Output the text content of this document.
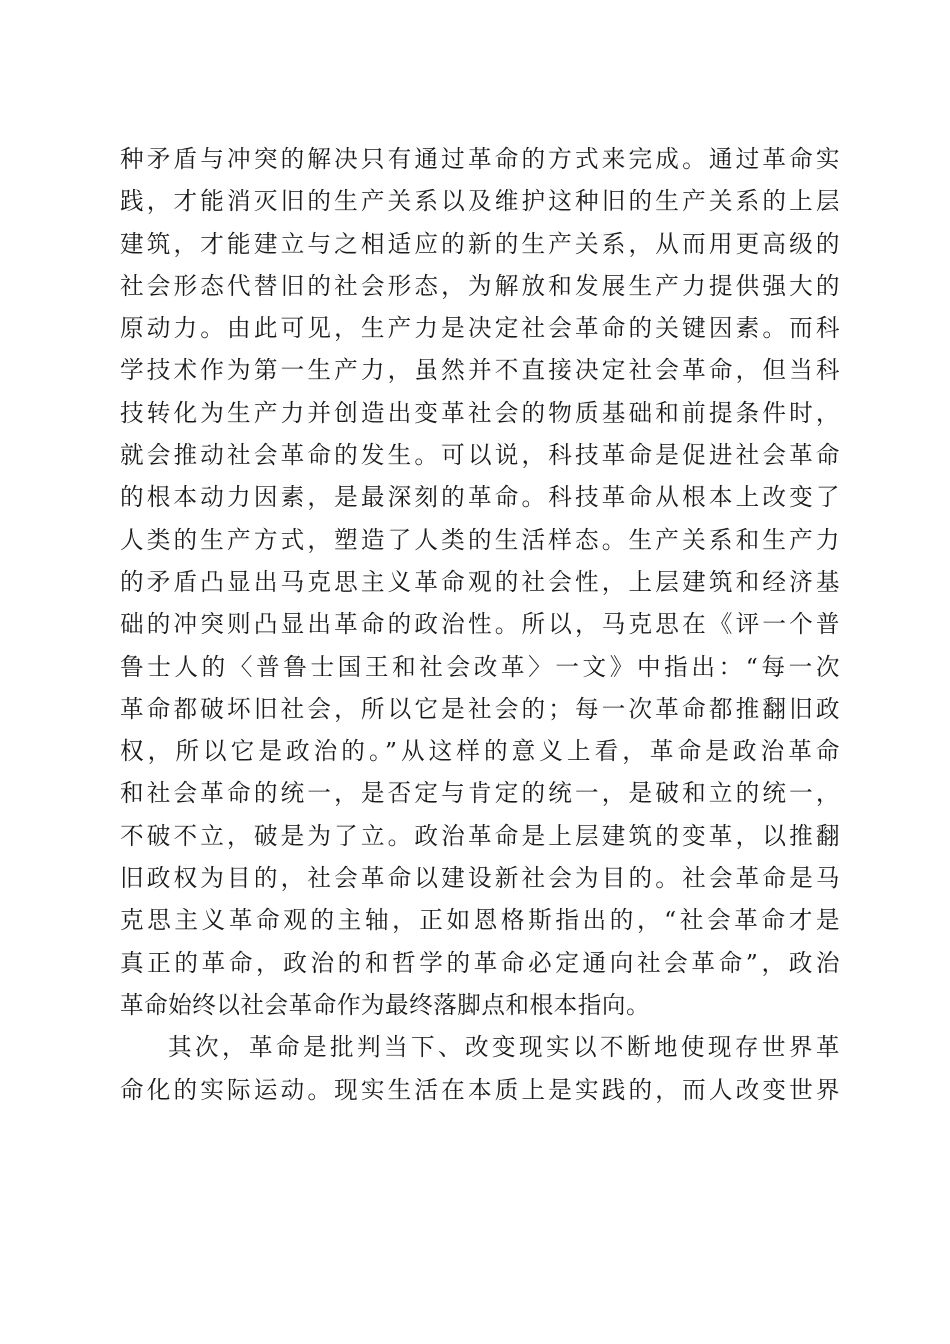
种矛盾与冲突的解决只有通过革命的方式来完成。通过革命实
践，才能消灭旧的生产关系以及维护这种旧的生产关系的上层
建筑，才能建立与之相适应的新的生产关系，从而用更高级的
社会形态代替旧的社会形态，为解放和发展生产力提供强大的
原动力。由此可见，生产力是决定社会革命的关键因素。而科
学技术作为第一生产力，虽然并不直接决定社会革命，但当科
技转化为生产力并创造出变革社会的物质基础和前提条件时，
就会推动社会革命的发生。可以说，科技革命是促进社会革命
的根本动力因素，是最深刻的革命。科技革命从根本上改变了
人类的生产方式，塑造了人类的生活样态。生产关系和生产力
的矛盾凸显出马克思主义革命观的社会性，上层建筑和经济基
础的冲突则凸显出革命的政治性。所以，马克思在《评一个普
鲁士人的〈普鲁士国王和社会改革〉一文》中指出：“每一次
革命都破坏旧社会，所以它是社会的；每一次革命都推翻旧政
权，所以它是政治的。”从这样的意义上看，革命是政治革命
和社会革命的统一，是否定与肯定的统一，是破和立的统一，
不破不立，破是为了立。政治革命是上层建筑的变革，以推翻
旧政权为目的，社会革命以建设新社会为目的。社会革命是马
克思主义革命观的主轴，正如恩格斯指出的，“社会革命才是
真正的革命，政治的和哲学的革命必定通向社会革命”，政治
革命始终以社会革命作为最终落脚点和根本指向。
其次，革命是批判当下、改变现实以不断地使现存世界革
命化的实际运动。现实生活在本质上是实践的，而人改变世界
